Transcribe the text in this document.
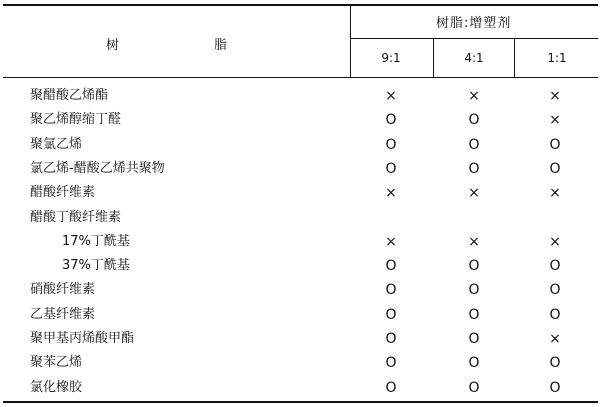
树	脂
树脂:增塑剂
9:1	4:1	1:1
聚醋酸乙烯酯	×	×	×
聚乙烯醇缩丁醛	O	O	×
聚氯乙烯	O	O	O
氯乙烯-醋酸乙烯共聚物	O	O	O
醋酸纤维素	×	×	×
醋酸丁酸纤维素
17%丁酰基	×	×	×
37%丁酰基	O	O	O
硝酸纤维素	O	O	O
乙基纤维素	O	O	O
聚甲基丙烯酸甲酯	O	O	×
聚苯乙烯	O	O	O
氯化橡胶	O	O	O
